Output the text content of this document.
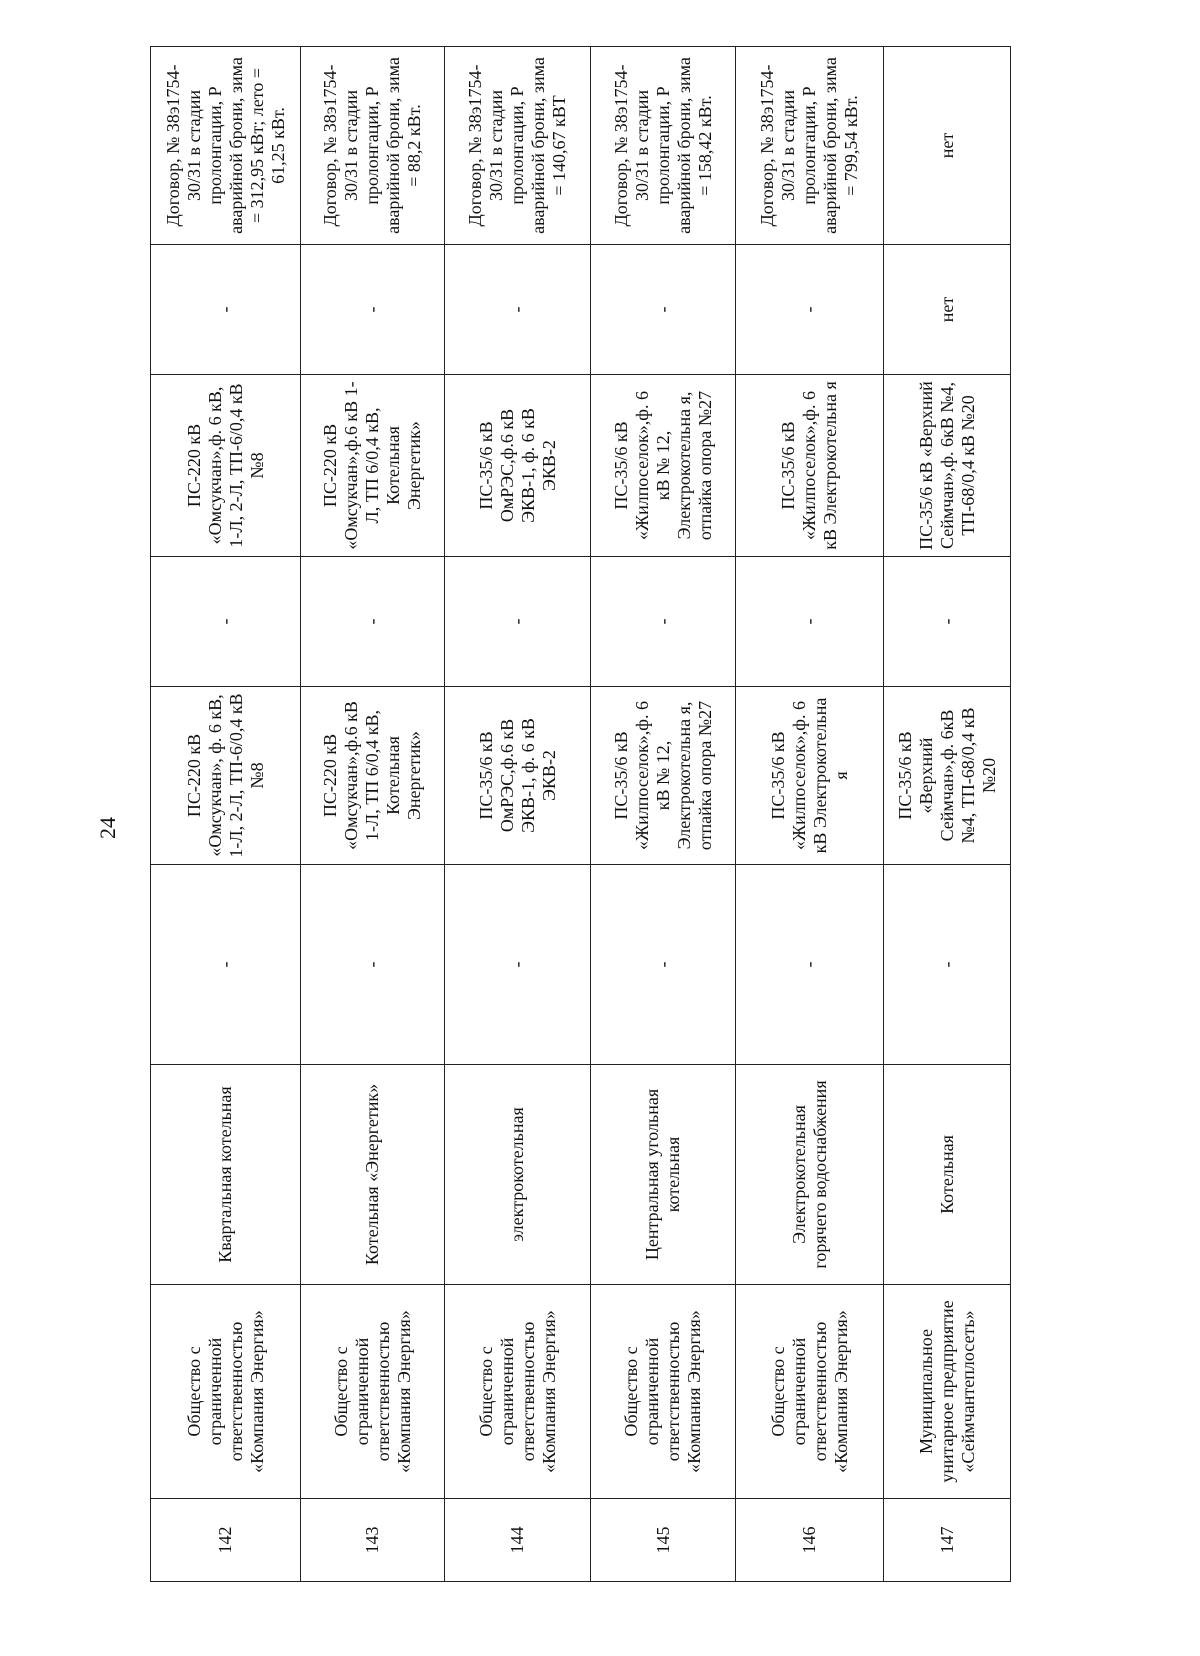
24
142	Общество с ограниченной ответственностью «Компания Энергия»	Квартальная котельная	-	ПС-220 кВ «Омсукчан», ф. 6 кВ, 1-Л, 2-Л, ТП-6/0,4 кВ №8	-	ПС-220 кВ «Омсукчан»,ф. 6 кВ, 1-Л, 2-Л, ТП-6/0,4 кВ №8	-	Договор, № 38э1754-30/31 в стадии пролонгации, Р аварийной брони, зима = 312,95 кВт; лето = 61,25 кВт.
143	Общество с ограниченной ответственностью «Компания Энергия»	Котельная «Энергетик»	-	ПС-220 кВ «Омсукчан»,ф.6 кВ 1-Л, ТП 6/0,4 кВ, Котельная Энергетик»	-	ПС-220 кВ «Омсукчан»,ф.6 кВ 1-Л, ТП 6/0,4 кВ, Котельная Энергетик»	-	Договор, № 38э1754-30/31 в стадии пролонгации, Р аварийной брони, зима = 88,2 кВт.
144	Общество с ограниченной ответственностью «Компания Энергия»	электрокотельная	-	ПС-35/6 кВ ОмРЭС,ф.6 кВ ЭКВ-1, ф. 6 кВ ЭКВ-2	-	ПС-35/6 кВ ОмРЭС,ф.6 кВ ЭКВ-1, ф. 6 кВ ЭКВ-2	-	Договор, № 38э1754-30/31 в стадии пролонгации, Р аварийной брони, зима = 140,67 кВТ
145	Общество с ограниченной ответственностью «Компания Энергия»	Центральная угольная котельная	-	ПС-35/6 кВ «Жилпоселок»,ф. 6 кВ № 12, Электрокотельна я, отпайка опора №27	-	ПС-35/6 кВ «Жилпоселок»,ф. 6 кВ № 12, Электрокотельна я, отпайка опора №27	-	Договор, № 38э1754-30/31 в стадии пролонгации, Р аварийной брони, зима = 158,42 кВт.
146	Общество с ограниченной ответственностью «Компания Энергия»	Электрокотельная горячего водоснабжения	-	ПС-35/6 кВ «Жилпоселок»,ф. 6 кВ Электрокотельна я	-	ПС-35/6 кВ «Жилпоселок»,ф. 6 кВ Электрокотельна я	-	Договор, № 38э1754-30/31 в стадии пролонгации, Р аварийной брони, зима = 799,54 кВт.
147	Муниципальное унитарное предприятие «Сеймчантеплосеть»	Котельная	-	ПС-35/6 кВ «Верхний Сеймчан»,ф. 6кВ №4, ТП-68/0,4 кВ №20	-	ПС-35/6 кВ «Верхний Сеймчан»,ф. 6кВ №4, ТП-68/0,4 кВ №20	нет	нет
